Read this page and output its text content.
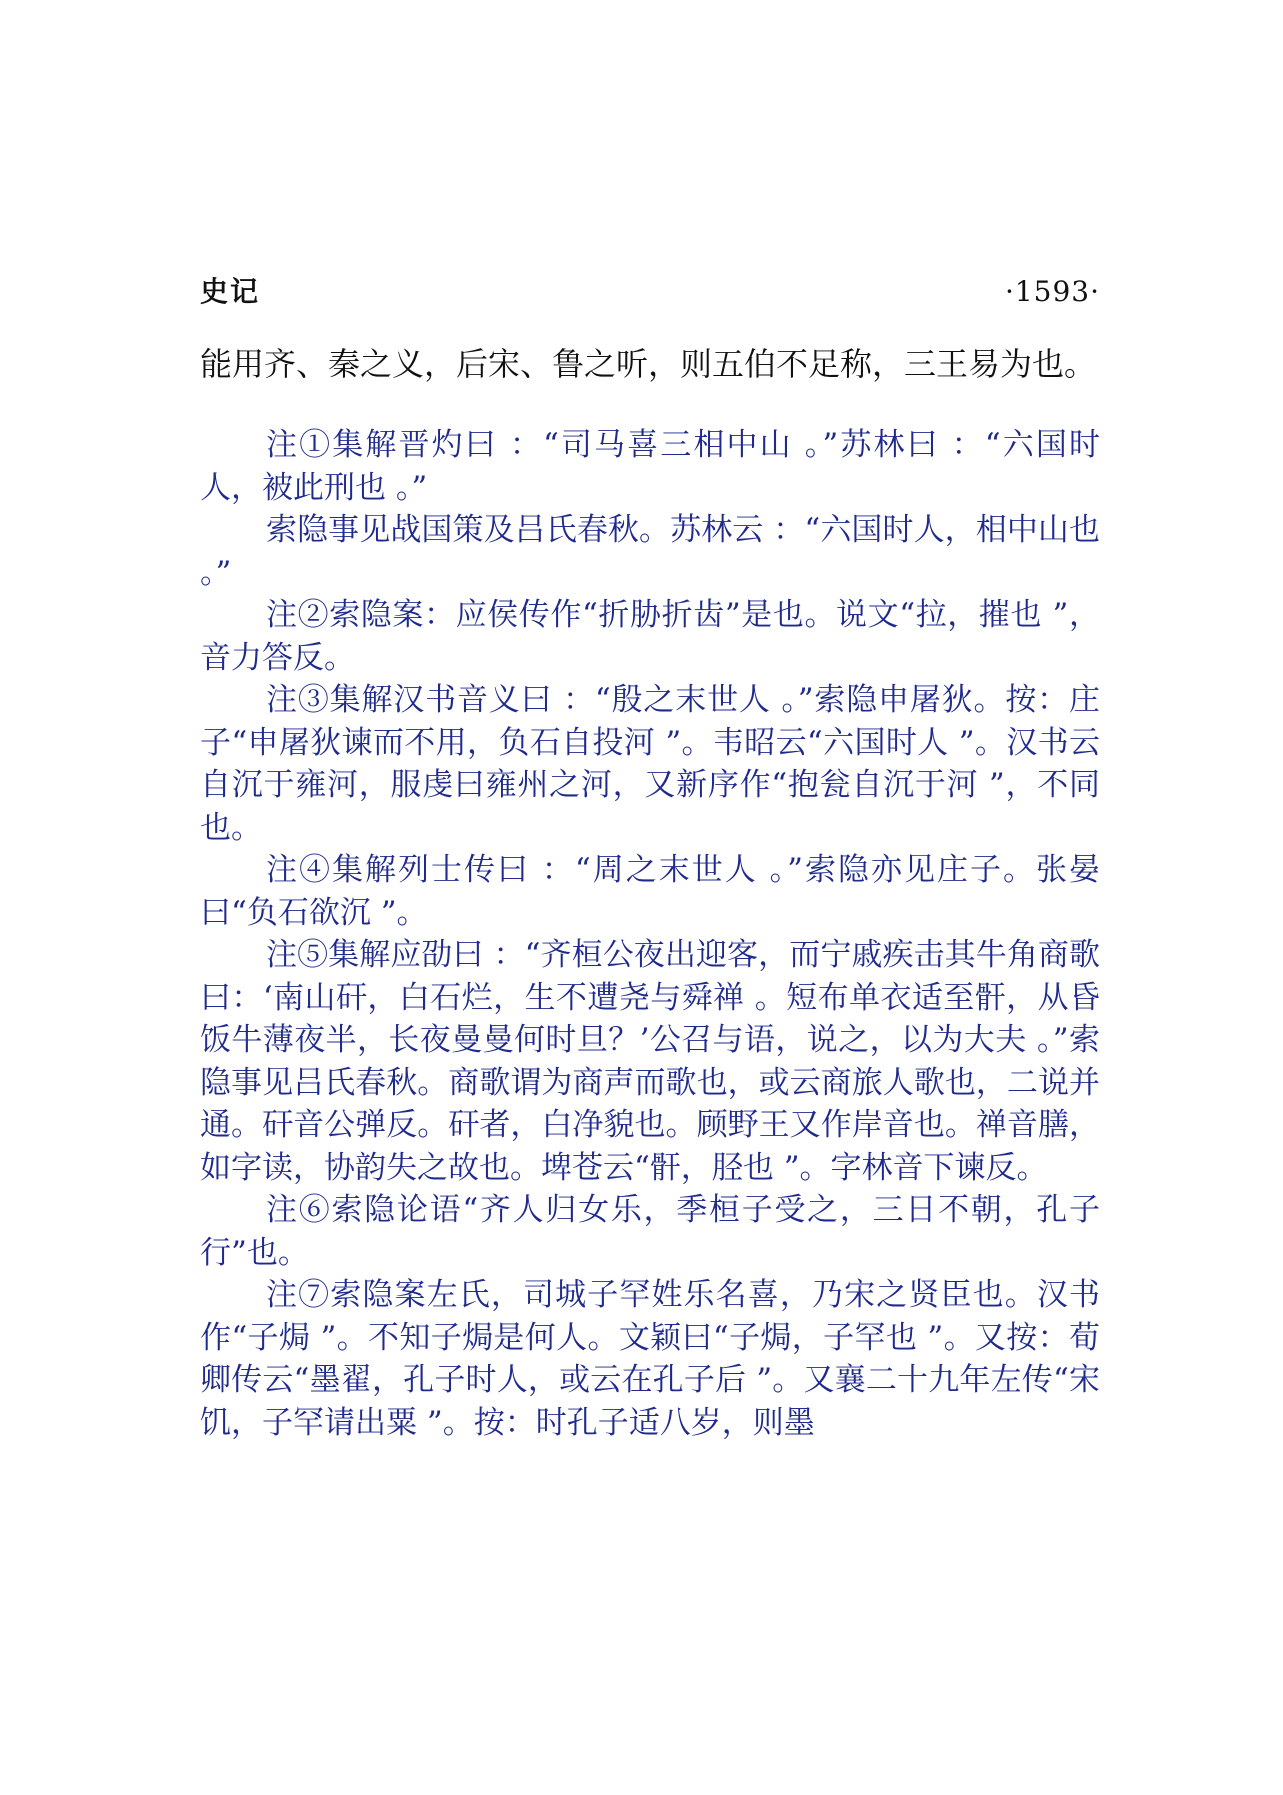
史记	·1593·

能用齐、秦之义，后宋、鲁之听，则五伯不足称，三王易为也。

注①集解晋灼曰 ：“司马喜三相中山 。”苏林曰 ：“六国时人，被此刑也 。”

索隐事见战国策及吕氏春秋。苏林云 ：“六国时人，相中山也 。”

注②索隐案：应侯传作“折胁折齿”是也。说文“拉，摧也 ”，音力答反。

注③集解汉书音义曰 ：“殷之末世人 。”索隐申屠狄。按：庄子“申屠狄谏而不用，负石自投河 ”。韦昭云“六国时人 ”。汉书云自沉于雍河，服虔曰雍州之河，又新序作“抱瓮自沉于河 ”，不同也。

注④集解列士传曰 ：“周之末世人 。”索隐亦见庄子。张晏曰“负石欲沉 ”。

注⑤集解应劭曰 ：“齐桓公夜出迎客，而宁戚疾击其牛角商歌曰：‘南山矸，白石烂，生不遭尧与舜禅 。短布单衣适至骭，从昏饭牛薄夜半，长夜曼曼何时旦？’公召与语，说之，以为大夫 。”索隐事见吕氏春秋。商歌谓为商声而歌也，或云商旅人歌也，二说并通。矸音公弹反。矸者，白净貌也。顾野王又作岸音也。禅音膳，如字读，协韵失之故也。埤苍云“骭，胫也 ”。字林音下谏反。

注⑥索隐论语“齐人归女乐，季桓子受之，三日不朝，孔子行”也。

注⑦索隐案左氏，司城子罕姓乐名喜，乃宋之贤臣也。汉书作“子焗 ”。不知子焗是何人。文颖曰“子焗，子罕也 ”。又按：荀卿传云“墨翟，孔子时人，或云在孔子后 ”。又襄二十九年左传“宋饥，子罕请出粟 ”。按：时孔子适八岁，则墨
